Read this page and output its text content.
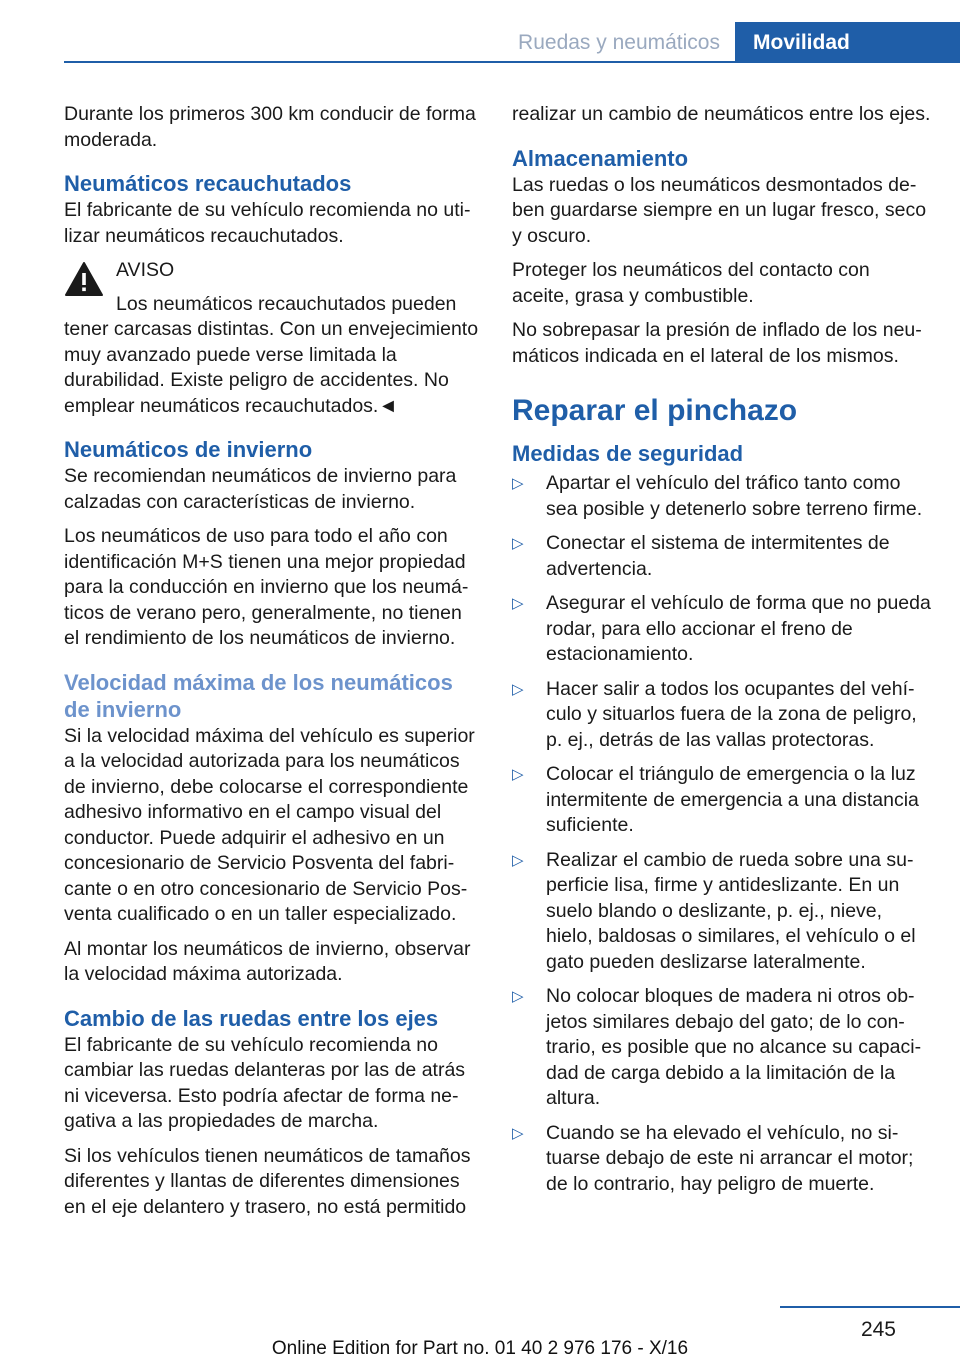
Ruedas y neumáticos	Movilidad

Durante los primeros 300 km conducir de forma moderada.

Neumáticos recauchutados

El fabricante de su vehículo recomienda no utilizar neumáticos recauchutados.

AVISO
Los neumáticos recauchutados pueden
tener carcasas distintas. Con un envejecimiento muy avanzado puede verse limitada la durabilidad. Existe peligro de accidentes. No emplear neumáticos recauchutados.◄
Neumáticos de invierno

Se recomiendan neumáticos de invierno para calzadas con características de invierno.

Los neumáticos de uso para todo el año con identificación M+S tienen una mejor propiedad para la conducción en invierno que los neumáticos de verano pero, generalmente, no tienen el rendimiento de los neumáticos de invierno.

Velocidad máxima de los neumáticos de invierno

Si la velocidad máxima del vehículo es superior a la velocidad autorizada para los neumáticos de invierno, debe colocarse el correspondiente adhesivo informativo en el campo visual del conductor. Puede adquirir el adhesivo en un concesionario de Servicio Posventa del fabricante o en otro concesionario de Servicio Posventa cualificado o en un taller especializado.

Al montar los neumáticos de invierno, observar la velocidad máxima autorizada.

Cambio de las ruedas entre los ejes

El fabricante de su vehículo recomienda no cambiar las ruedas delanteras por las de atrás ni viceversa. Esto podría afectar de forma negativa a las propiedades de marcha.

Si los vehículos tienen neumáticos de tamaños diferentes y llantas de diferentes dimensiones en el eje delantero y trasero, no está permitido

realizar un cambio de neumáticos entre los ejes.

Almacenamiento

Las ruedas o los neumáticos desmontados deben guardarse siempre en un lugar fresco, seco y oscuro.

Proteger los neumáticos del contacto con aceite, grasa y combustible.

No sobrepasar la presión de inflado de los neumáticos indicada en el lateral de los mismos.

Reparar el pinchazo
Medidas de seguridad
▷ Apartar el vehículo del tráfico tanto como sea posible y detenerlo sobre terreno firme.
▷ Conectar el sistema de intermitentes de advertencia.
▷ Asegurar el vehículo de forma que no pueda rodar, para ello accionar el freno de estacionamiento.
▷ Hacer salir a todos los ocupantes del vehículo y situarlos fuera de la zona de peligro, p. ej., detrás de las vallas protectoras.
▷ Colocar el triángulo de emergencia o la luz intermitente de emergencia a una distancia suficiente.
▷ Realizar el cambio de rueda sobre una superficie lisa, firme y antideslizante. En un suelo blando o deslizante, p. ej., nieve, hielo, baldosas o similares, el vehículo o el gato pueden deslizarse lateralmente.
▷ No colocar bloques de madera ni otros objetos similares debajo del gato; de lo contrario, es posible que no alcance su capacidad de carga debido a la limitación de la altura.
▷ Cuando se ha elevado el vehículo, no situarse debajo de este ni arrancar el motor; de lo contrario, hay peligro de muerte.
245
Online Edition for Part no. 01 40 2 976 176 - X/16
